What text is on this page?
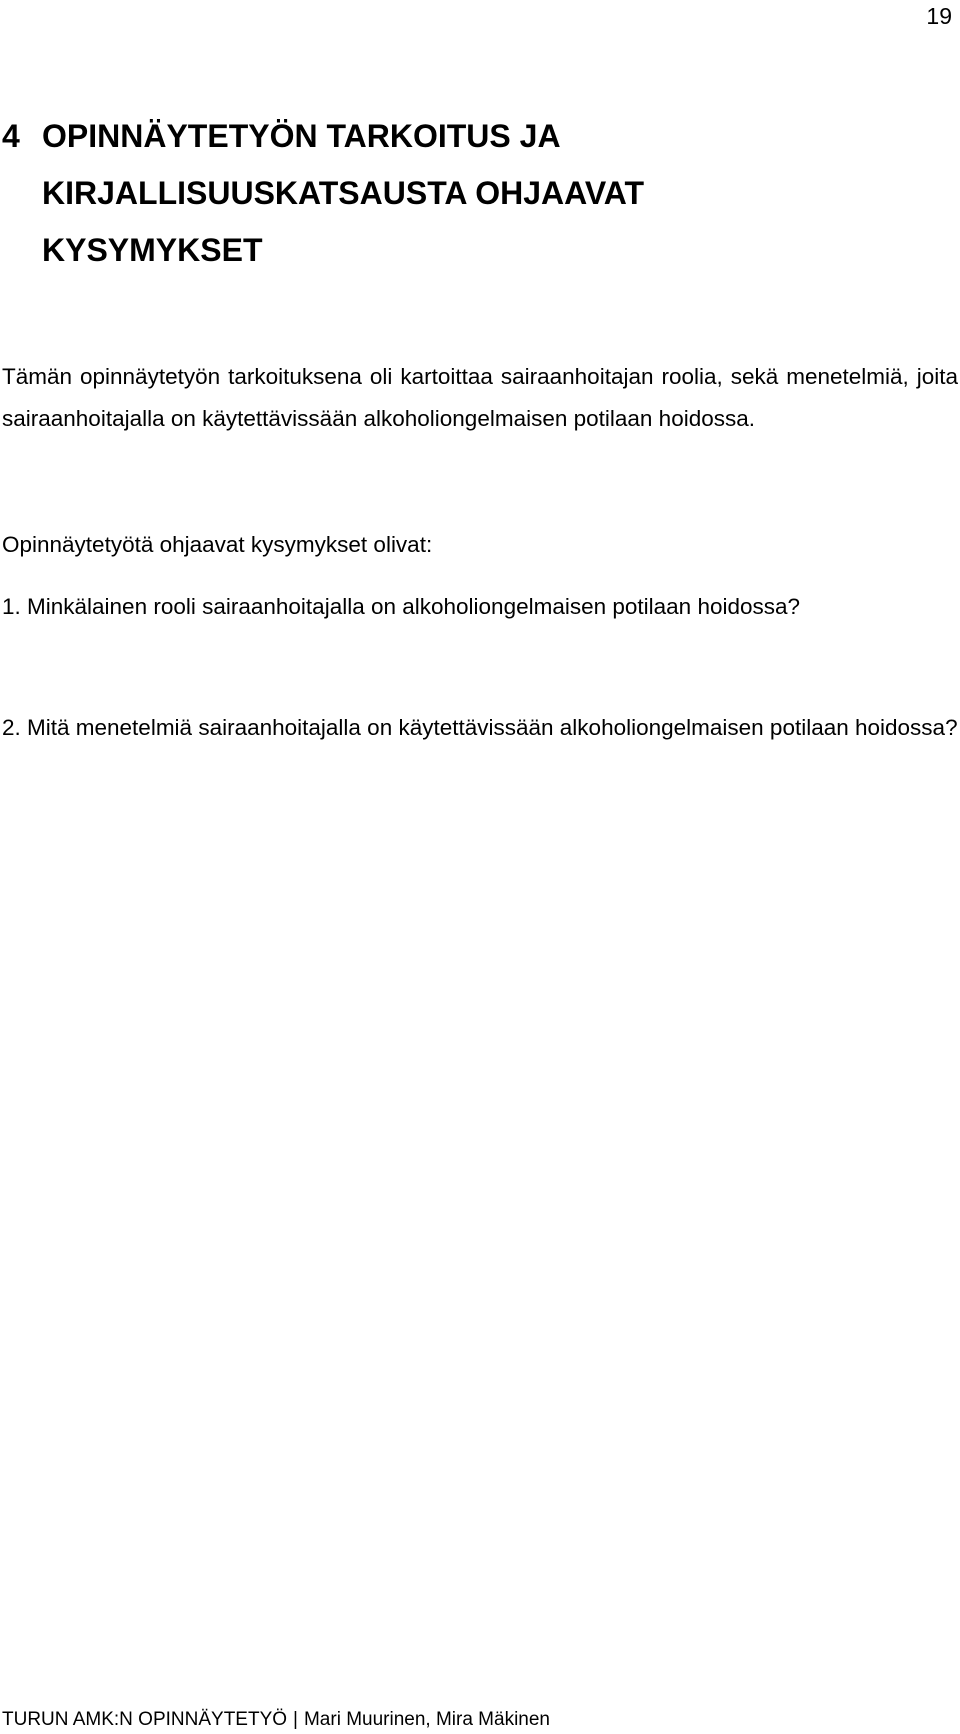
19
4 OPINNÄYTETYÖN TARKOITUS JA
KIRJALLISUUSKATSAUSTA OHJAAVAT
KYSYMYKSET

Tämän opinnäytetyön tarkoituksena oli kartoittaa sairaanhoitajan roolia, sekä menetelmiä, joita sairaanhoitajalla on käytettävissään alkoholiongelmaisen potilaan hoidossa.

Opinnäytetyötä ohjaavat kysymykset olivat:

1. Minkälainen rooli sairaanhoitajalla on alkoholiongelmaisen potilaan hoidossa?

2. Mitä menetelmiä sairaanhoitajalla on käytettävissään alkoholiongelmaisen potilaan hoidossa?

TURUN AMK:N OPINNÄYTETYÖ | Mari Muurinen, Mira Mäkinen
